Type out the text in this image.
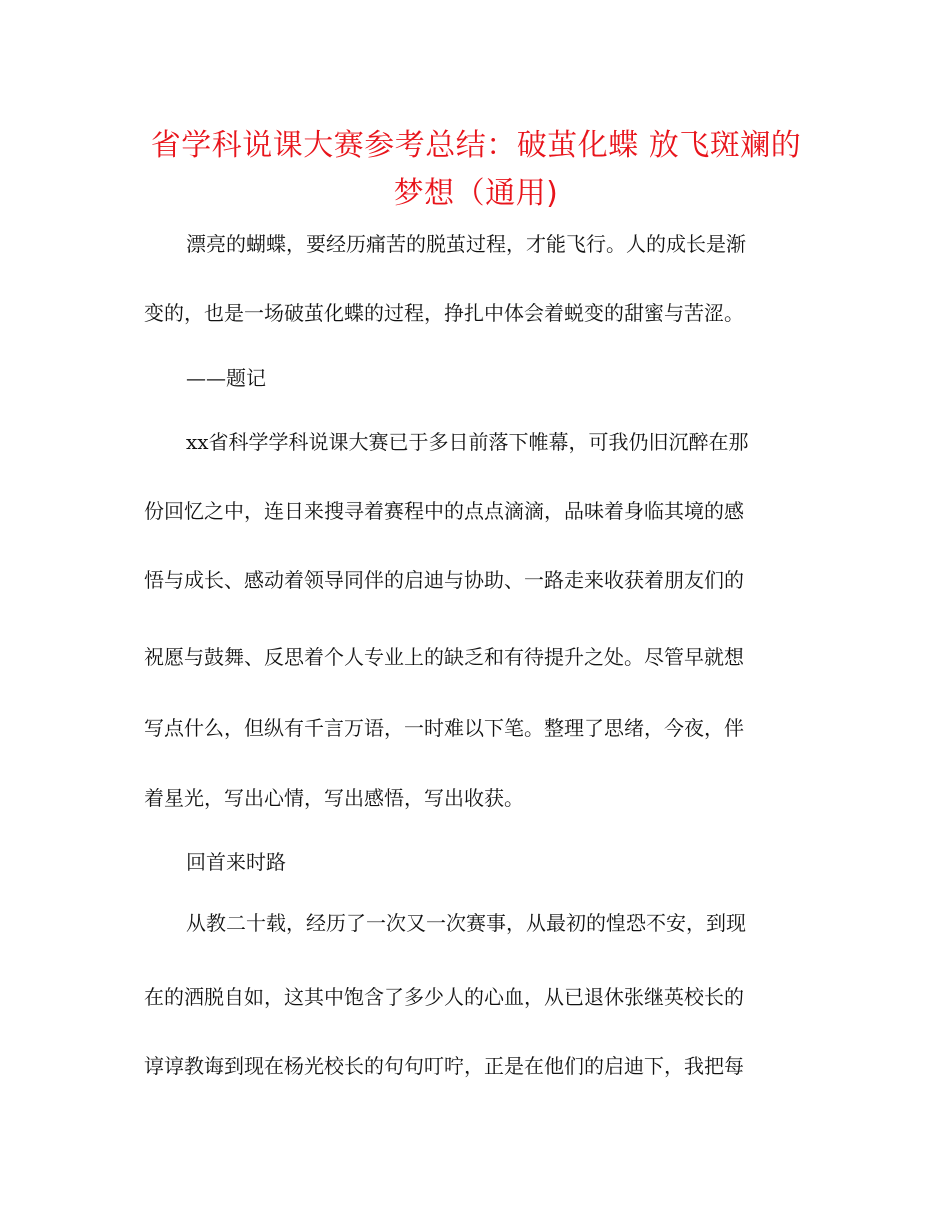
省学科说课大赛参考总结：破茧化蝶 放飞斑斓的梦想（通用)

漂亮的蝴蝶，要经历痛苦的脱茧过程，才能飞行。人的成长是渐

变的，也是一场破茧化蝶的过程，挣扎中体会着蜕变的甜蜜与苦涩。

——题记

xx省科学学科说课大赛已于多日前落下帷幕，可我仍旧沉醉在那

份回忆之中，连日来搜寻着赛程中的点点滴滴，品味着身临其境的感

悟与成长、感动着领导同伴的启迪与协助、一路走来收获着朋友们的

祝愿与鼓舞、反思着个人专业上的缺乏和有待提升之处。尽管早就想

写点什么，但纵有千言万语，一时难以下笔。整理了思绪，今夜，伴

着星光，写出心情，写出感悟，写出收获。

回首来时路

从教二十载，经历了一次又一次赛事，从最初的惶恐不安，到现

在的洒脱自如，这其中饱含了多少人的心血，从已退休张继英校长的

谆谆教诲到现在杨光校长的句句叮咛，正是在他们的启迪下，我把每
